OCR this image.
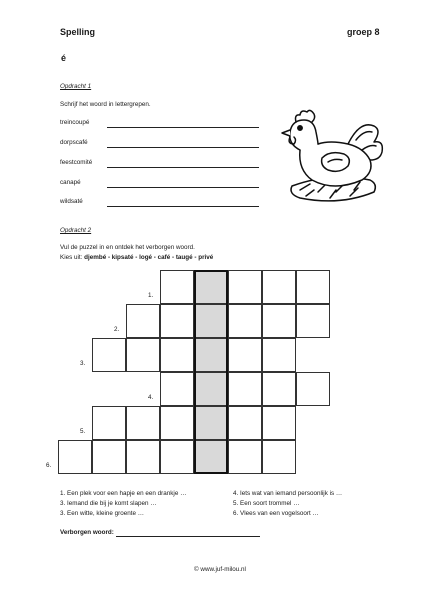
Spelling	groep 8
é
Opdracht 1
Schrijf het woord in lettergrepen.
treincoupé
dorpscafé
feestcomité
canapé
wildsaté
Opdracht 2
Vul de puzzel in en ontdek het verborgen woord.
Kies uit: djembé - kipsaté - logé - café - taugé - privé
1.
2.
3.
4.
5.
6.
1. Een plek voor een hapje en een drankje …
3. Iemand die bij je komt slapen …
3. Een witte, kleine groente …
4. Iets wat van iemand persoonlijk is …
5. Een soort trommel …
6. Vlees van een vogelsoort …
Verborgen woord:
© www.juf-milou.nl
